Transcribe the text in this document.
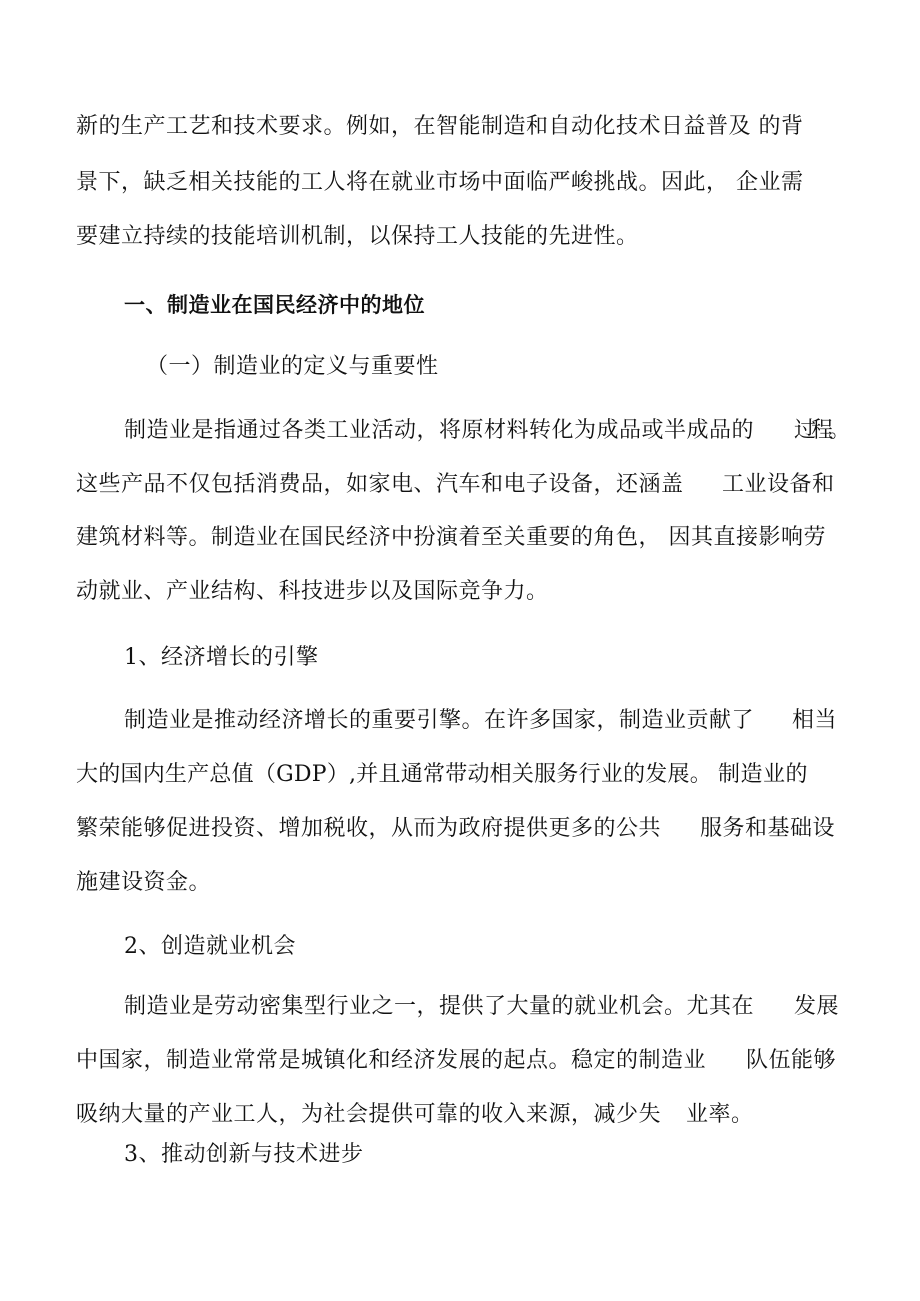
新的生产工艺和技术要求。例如，在智能制造和自动化技术日益普及 的背
景下，缺乏相关技能的工人将在就业市场中面临严峻挑战。因此， 企业需
要建立持续的技能培训机制，以保持工人技能的先进性。
一、制造业在国民经济中的地位
（一）制造业的定义与重要性
制造业是指通过各类工业活动，将原材料转化为成品或半成品的 过程。
这些产品不仅包括消费品，如家电、汽车和电子设备，还涵盖 工业设备和
建筑材料等。制造业在国民经济中扮演着至关重要的角色， 因其直接影响劳
动就业、产业结构、科技进步以及国际竞争力。
1、经济增长的引擎
制造业是推动经济增长的重要引擎。在许多国家，制造业贡献了 相当
大的国内生产总值（GDP）,并且通常带动相关服务行业的发展。 制造业的
繁荣能够促进投资、增加税收，从而为政府提供更多的公共 服务和基础设
施建设资金。
2、创造就业机会
制造业是劳动密集型行业之一，提供了大量的就业机会。尤其在 发展
中国家，制造业常常是城镇化和经济发展的起点。稳定的制造业 队伍能够
吸纳大量的产业工人，为社会提供可靠的收入来源，减少失 业率。
3、推动创新与技术进步
